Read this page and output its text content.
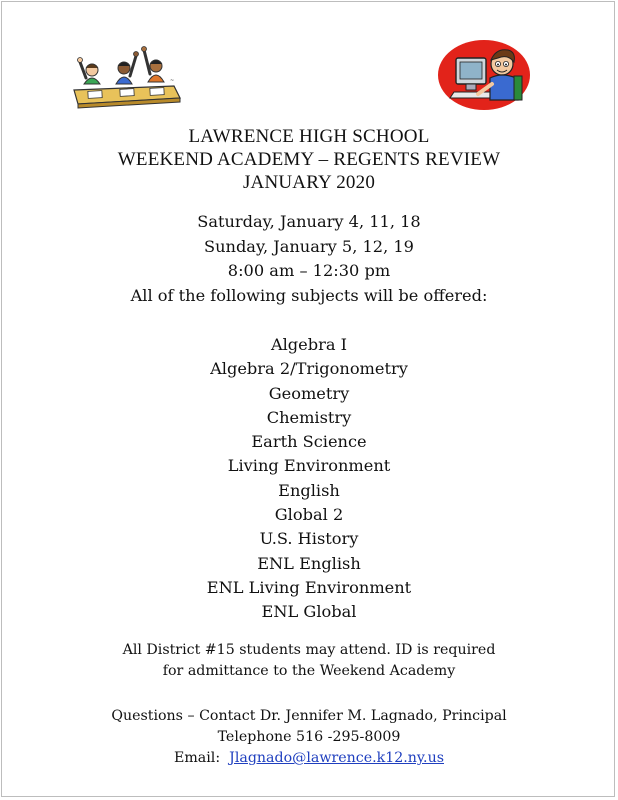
~
LAWRENCE HIGH SCHOOL
WEEKEND ACADEMY – REGENTS REVIEW
JANUARY 2020
Saturday, January 4, 11, 18
Sunday, January 5, 12, 19
8:00 am – 12:30 pm
All of the following subjects will be offered:
Algebra I
Algebra 2/Trigonometry
Geometry
Chemistry
Earth Science
Living Environment
English
Global 2
U.S. History
ENL English
ENL Living Environment
ENL Global
All District #15 students may attend. ID is required
for admittance to the Weekend Academy
Questions – Contact Dr. Jennifer M. Lagnado, Principal
Telephone 516 -295-8009
Email: Jlagnado@lawrence.k12.ny.us
